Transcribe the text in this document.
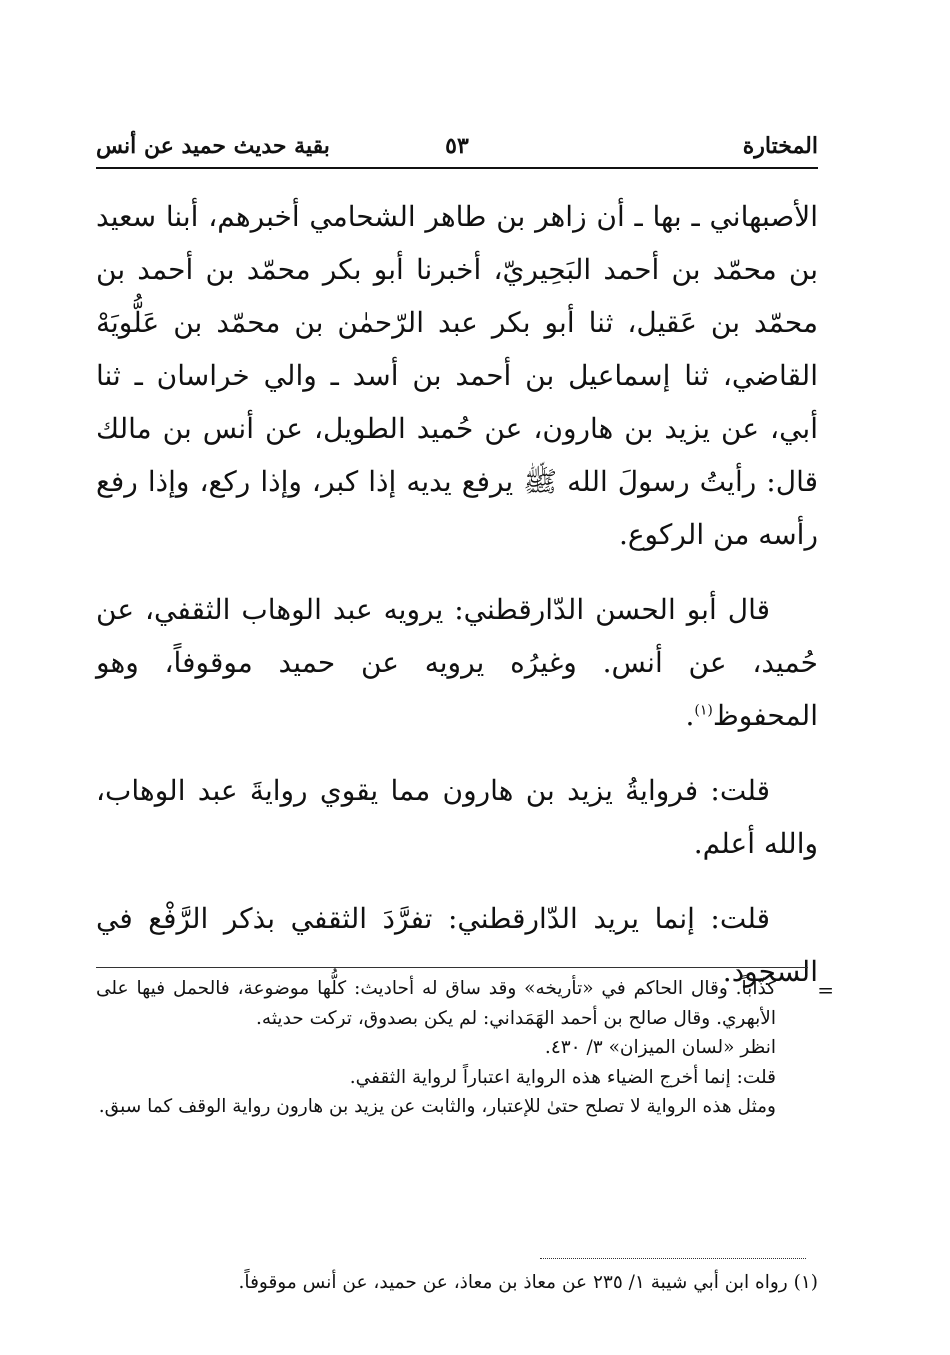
المختارة
٥٣
بقية حديث حميد عن أنس

الأصبهاني ـ بها ـ أن زاهر بن طاهر الشحامي أخبرهم، أبنا سعيد بن محمّد بن أحمد البَحِيريّ، أخبرنا أبو بكر محمّد بن أحمد بن محمّد بن عَقيل، ثنا أبو بكر عبد الرّحمٰن بن محمّد بن عَلُّويَهْ القاضي، ثنا إسماعيل بن أحمد بن أسد ـ والي خراسان ـ ثنا أبي، عن يزيد بن هارون، عن حُميد الطويل، عن أنس بن مالك قال: رأيتُ رسولَ الله ﷺ يرفع يديه إذا كبر، وإذا ركع، وإذا رفع رأسه من الركوع.

قال أبو الحسن الدّارقطني: يرويه عبد الوهاب الثقفي، عن حُميد، عن أنس. وغيرُه يرويه عن حميد موقوفاً، وهو المحفوظ$^{(١)}$.

قلت: فروايةُ يزيد بن هارون مما يقوي روايةَ عبد الوهاب، والله أعلم.

قلت: إنما يريد الدّارقطني: تفرَّدَ الثقفي بذكر الرَّفْع في السجود.

=

كذّاباً. وقال الحاكم في «تأريخه» وقد ساق له أحاديث: كلُّها موضوعة، فالحمل فيها على الأبهري. وقال صالح بن أحمد الهَمَداني: لم يكن بصدوق، تركت حديثه.

انظر «لسان الميزان» ٣/ ٤٣٠.

قلت: إنما أخرج الضياء هذه الرواية اعتباراً لرواية الثقفي.

ومثل هذه الرواية لا تصلح حتىٰ للإعتبار، والثابت عن يزيد بن هارون رواية الوقف كما سبق.

(١) رواه ابن أبي شيبة ١/ ٢٣٥ عن معاذ بن معاذ، عن حميد، عن أنس موقوفاً.
